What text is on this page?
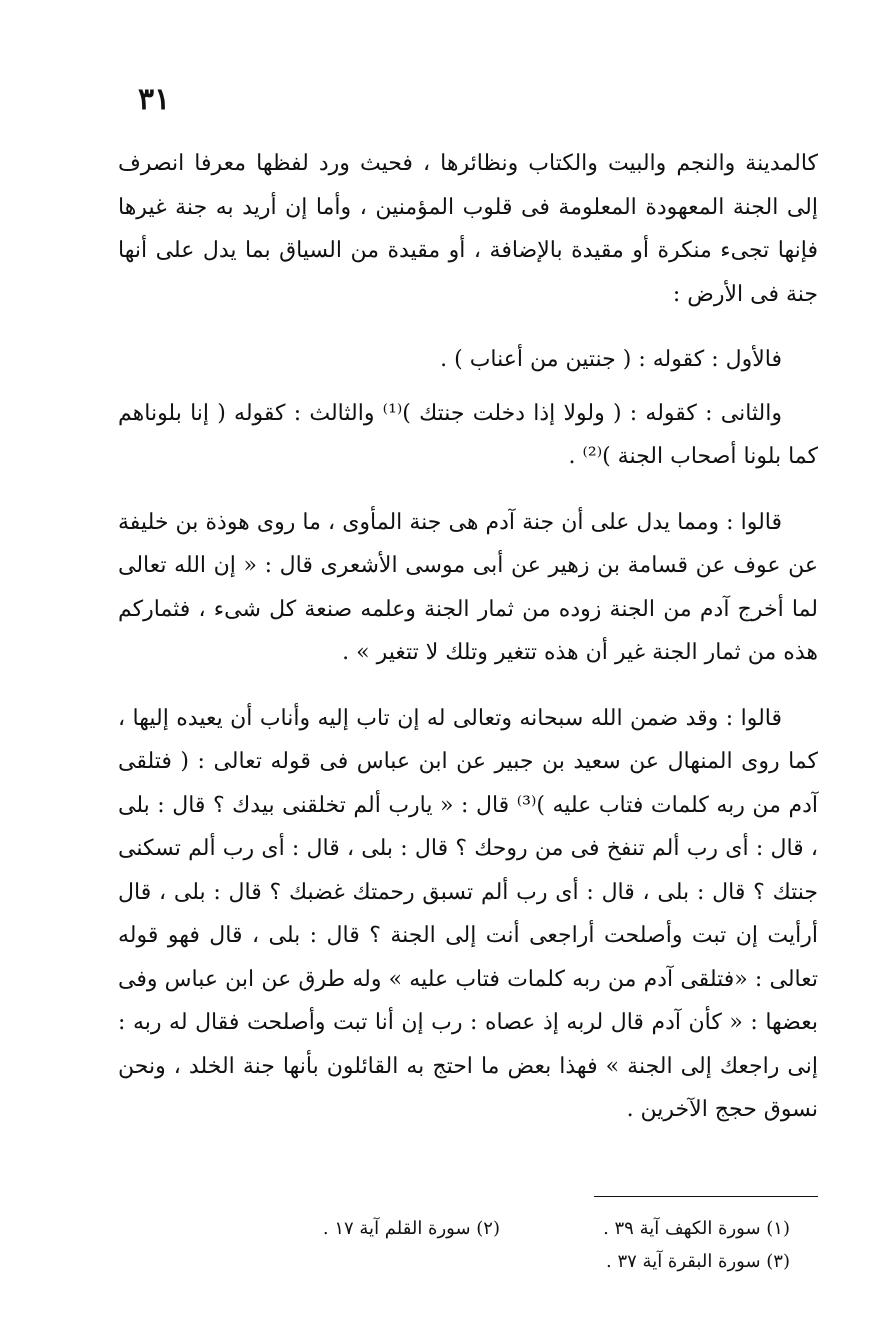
٣١

كالمدينة والنجم والبيت والكتاب ونظائرها ، فحيث ورد لفظها معرفا انصرف إلى الجنة المعهودة المعلومة فى قلوب المؤمنين ، وأما إن أريد به جنة غيرها فإنها تجىء منكرة أو مقيدة بالإضافة ، أو مقيدة من السياق بما يدل على أنها جنة فى الأرض :

فالأول : كقوله : ( جنتين من أعناب ) .

والثانى : كقوله : ( ولولا إذا دخلت جنتك )⁽¹⁾ والثالث : كقوله ( إنا بلوناهم كما بلونا أصحاب الجنة )⁽²⁾ .

قالوا : ومما يدل على أن جنة آدم هى جنة المأوى ، ما روى هوذة بن خليفة عن عوف عن قسامة بن زهير عن أبى موسى الأشعرى قال : « إن الله تعالى لما أخرج آدم من الجنة زوده من ثمار الجنة وعلمه صنعة كل شىء ، فثماركم هذه من ثمار الجنة غير أن هذه تتغير وتلك لا تتغير » .

قالوا : وقد ضمن الله سبحانه وتعالى له إن تاب إليه وأناب أن يعيده إليها ، كما روى المنهال عن سعيد بن جبير عن ابن عباس فى قوله تعالى : ( فتلقى آدم من ربه كلمات فتاب عليه )⁽³⁾ قال : « يارب ألم تخلقنى بيدك ؟ قال : بلى ، قال : أى رب ألم تنفخ فى من روحك ؟ قال : بلى ، قال : أى رب ألم تسكنى جنتك ؟ قال : بلى ، قال : أى رب ألم تسبق رحمتك غضبك ؟ قال : بلى ، قال أرأيت إن تبت وأصلحت أراجعى أنت إلى الجنة ؟ قال : بلى ، قال فهو قوله تعالى : «فتلقى آدم من ربه كلمات فتاب عليه » وله طرق عن ابن عباس وفى بعضها : « كأن آدم قال لربه إذ عصاه : رب إن أنا تبت وأصلحت فقال له ربه : إنى راجعك إلى الجنة » فهذا بعض ما احتج به القائلون بأنها جنة الخلد ، ونحن نسوق حجج الآخرين .

(١) سورة الكهف آية ٣٩ .
(٣) سورة البقرة آية ٣٧ .
(٢) سورة القلم آية ١٧ .
